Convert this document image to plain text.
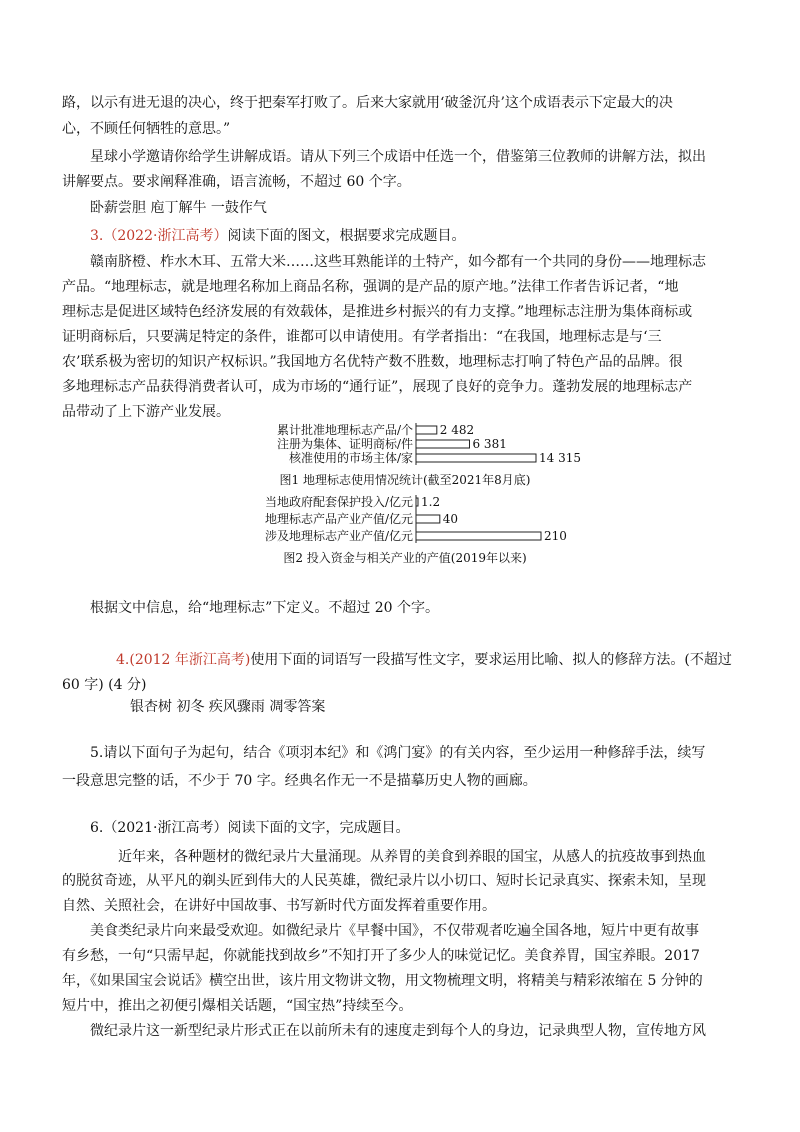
路，以示有进无退的决心，终于把秦军打败了。后来大家就用‘破釜沉舟’这个成语表示下定最大的决
心，不顾任何牺牲的意思。”
星球小学邀请你给学生讲解成语。请从下列三个成语中任选一个，借鉴第三位教师的讲解方法，拟出
讲解要点。要求阐释准确，语言流畅，不超过 60 个字。
卧薪尝胆 庖丁解牛 一鼓作气
3.（2022·浙江高考）阅读下面的图文，根据要求完成题目。
赣南脐橙、柞水木耳、五常大米……这些耳熟能详的土特产，如今都有一个共同的身份——地理标志
产品。“地理标志，就是地理名称加上商品名称，强调的是产品的原产地。”法律工作者告诉记者，“地
理标志是促进区域特色经济发展的有效载体，是推进乡村振兴的有力支撑。”地理标志注册为集体商标或
证明商标后，只要满足特定的条件，谁都可以申请使用。有学者指出：“在我国，地理标志是与‘三
农’联系极为密切的知识产权标识。”我国地方名优特产数不胜数，地理标志打响了特色产品的品牌。很
多地理标志产品获得消费者认可，成为市场的“通行证”，展现了良好的竞争力。蓬勃发展的地理标志产
品带动了上下游产业发展。
累计批准地理标志产品/个 2 482
注册为集体、证明商标/件	6 381
核准使用的市场主体/家	14 315
图1 地理标志使用情况统计(截至2021年8月底)
当地政府配套保护投入/亿元 1.2
地理标志产品产业产值/亿元 40
涉及地理标志产业产值/亿元	210
图2 投入资金与相关产业的产值(2019年以来)
根据文中信息，给“地理标志”下定义。不超过 20 个字。
4.(2012 年浙江高考)使用下面的词语写一段描写性文字，要求运用比喻、拟人的修辞方法。(不超过
60 字) (4 分)
银杏树 初冬 疾风骤雨 凋零答案
5.请以下面句子为起句，结合《项羽本纪》和《鸿门宴》的有关内容，至少运用一种修辞手法，续写
一段意思完整的话，不少于 70 字。经典名作无一不是描摹历史人物的画廊。
6.（2021·浙江高考）阅读下面的文字，完成题目。
近年来，各种题材的微纪录片大量涌现。从养胃的美食到养眼的国宝，从感人的抗疫故事到热血
的脱贫奇迹，从平凡的剃头匠到伟大的人民英雄，微纪录片以小切口、短时长记录真实、探索未知，呈现
自然、关照社会，在讲好中国故事、书写新时代方面发挥着重要作用。
美食类纪录片向来最受欢迎。如微纪录片《早餐中国》，不仅带观者吃遍全国各地，短片中更有故事
有乡愁，一句“只需早起，你就能找到故乡”不知打开了多少人的味觉记忆。美食养胃，国宝养眼。2017
年，《如果国宝会说话》横空出世，该片用文物讲文物，用文物梳理文明，将精美与精彩浓缩在 5 分钟的
短片中，推出之初便引爆相关话题，“国宝热”持续至今。
微纪录片这一新型纪录片形式正在以前所未有的速度走到每个人的身边，记录典型人物，宣传地方风
